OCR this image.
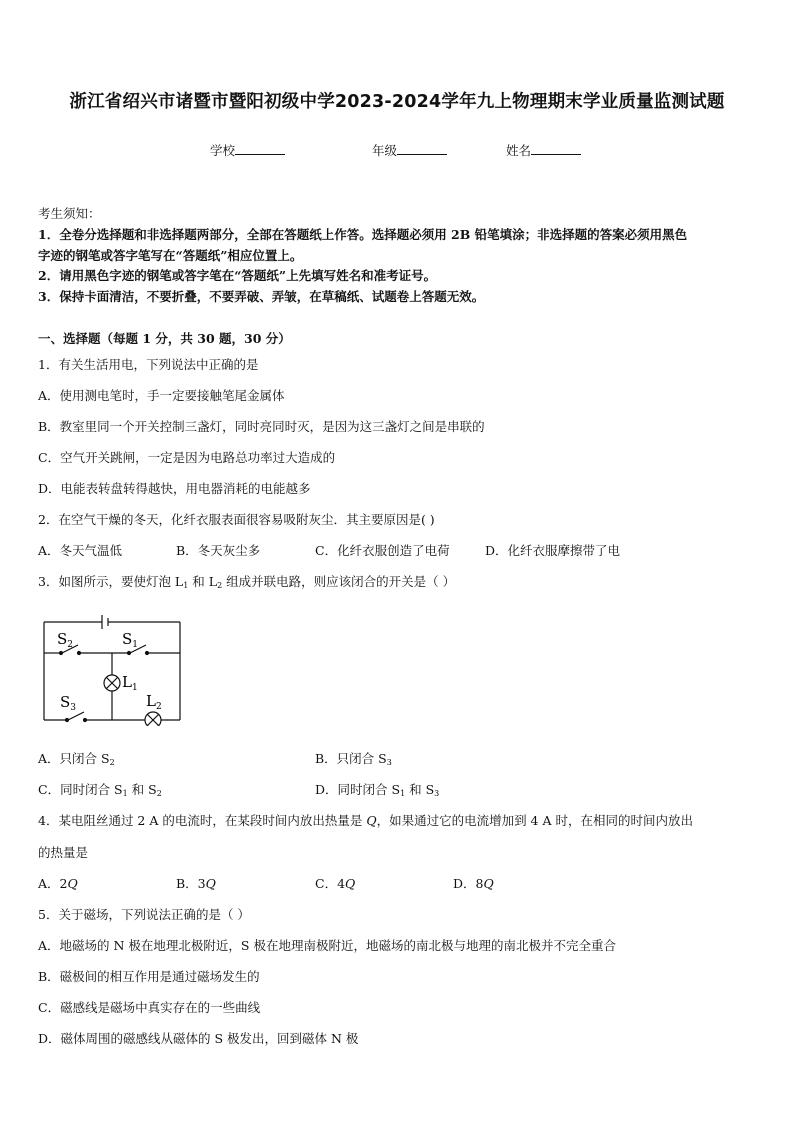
浙江省绍兴市诸暨市暨阳初级中学2023-2024学年九上物理期末学业质量监测试题
学校	年级	姓名
考生须知：
1．全卷分选择题和非选择题两部分，全部在答题纸上作答。选择题必须用 2B 铅笔填涂；非选择题的答案必须用黑色
字迹的钢笔或答字笔写在“答题纸”相应位置上。
2．请用黑色字迹的钢笔或答字笔在“答题纸”上先填写姓名和准考证号。
3．保持卡面清洁，不要折叠，不要弄破、弄皱，在草稿纸、试题卷上答题无效。
一、选择题（每题 1 分，共 30 题，30 分）
1．有关生活用电，下列说法中正确的是
A．使用测电笔时，手一定要接触笔尾金属体
B．教室里同一个开关控制三盏灯，同时亮同时灭，是因为这三盏灯之间是串联的
C．空气开关跳闸，一定是因为电路总功率过大造成的
D．电能表转盘转得越快，用电器消耗的电能越多
2．在空气干燥的冬天，化纤衣服表面很容易吸附灰尘．其主要原因是( )
A．冬天气温低	B．冬天灰尘多	C．化纤衣服创造了电荷	D．化纤衣服摩擦带了电
3．如图所示，要使灯泡 $L_1$ 和 $L_2$ 组成并联电路，则应该闭合的开关是（ ）
$S_2$	$S_1$
$S_3$
$L_1$
$L_2$
A．只闭合 $S_2$	B．只闭合 $S_3$
C．同时闭合 $S_1$ 和 $S_2$	D．同时闭合 $S_1$ 和 $S_3$
4．某电阻丝通过 2 A 的电流时，在某段时间内放出热量是 Q，如果通过它的电流增加到 4 A 时，在相同的时间内放出
的热量是
A．2Q	B．3Q	C．4Q	D．8Q
5．关于磁场，下列说法正确的是（ ）
A．地磁场的 N 极在地理北极附近，S 极在地理南极附近，地磁场的南北极与地理的南北极并不完全重合
B．磁极间的相互作用是通过磁场发生的
C．磁感线是磁场中真实存在的一些曲线
D．磁体周围的磁感线从磁体的 S 极发出，回到磁体 N 极
